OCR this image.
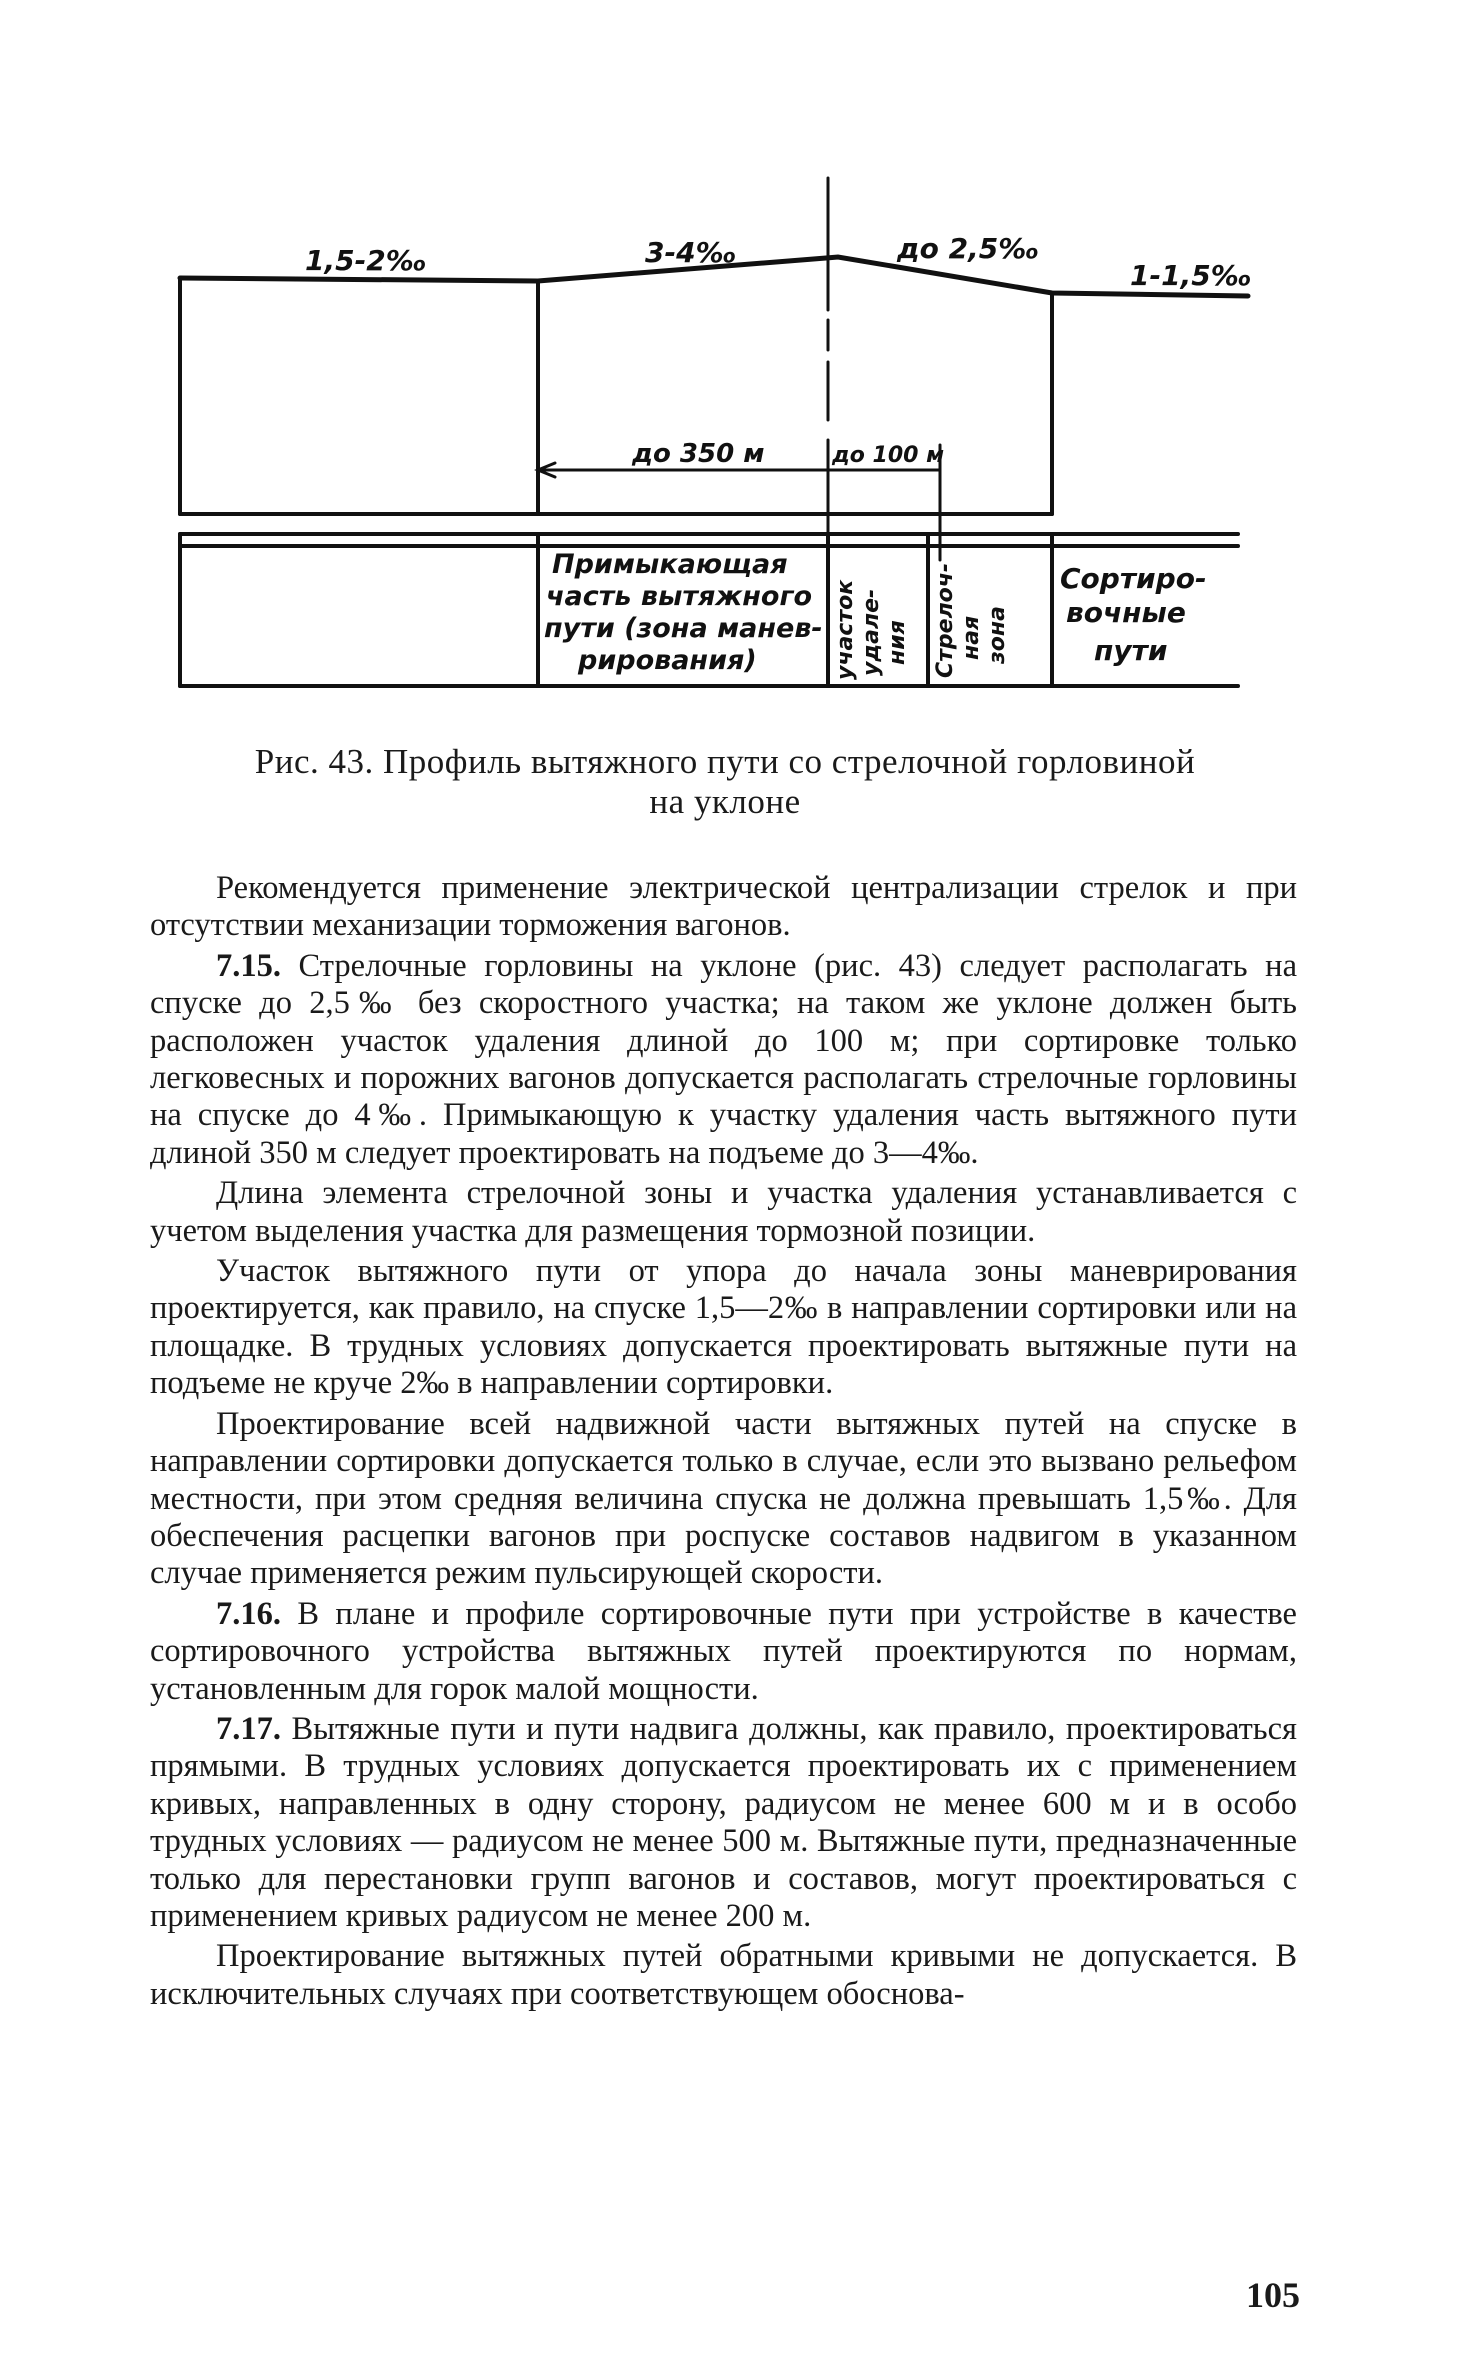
1,5-2‰	3-4‰	до 2,5‰
1-1,5‰
до 350 м	до 100 м
Примыкающая
часть вытяжного
пути (зона манев-
рирования)	участок удале- ния Стрелоч- ная зона
Сортиро-
вочные
пути
Рис. 43. Профиль вытяжного пути со стрелочной горловиной
на уклоне

Рекомендуется применение электрической централизации стрелок и при отсутствии механизации торможения вагонов.

7.15. Стрелочные горловины на уклоне (рис. 43) следует располагать на спуске до 2,5‰ без скоростного участка; на таком же уклоне должен быть расположен участок удаления длиной до 100 м; при сортировке только легковесных и порожних вагонов допускается располагать стрелочные горловины на спуске до 4‰. Примыкающую к участку удаления часть вытяжного пути длиной 350 м следует проектировать на подъеме до 3—4‰.

Длина элемента стрелочной зоны и участка удаления устанавливается с учетом выделения участка для размещения тормозной позиции.

Участок вытяжного пути от упора до начала зоны маневрирования проектируется, как правило, на спуске 1,5—2‰ в направлении сортировки или на площадке. В трудных условиях допускается проектировать вытяжные пути на подъеме не круче 2‰ в направлении сортировки.

Проектирование всей надвижной части вытяжных путей на спуске в направлении сортировки допускается только в случае, если это вызвано рельефом местности, при этом средняя величина спуска не должна превышать 1,5‰. Для обеспечения расцепки вагонов при роспуске составов надвигом в указанном случае применяется режим пульсирующей скорости.

7.16. В плане и профиле сортировочные пути при устройстве в качестве сортировочного устройства вытяжных путей проектируются по нормам, установленным для горок малой мощности.

7.17. Вытяжные пути и пути надвига должны, как правило, проектироваться прямыми. В трудных условиях допускается проектировать их с применением кривых, направленных в одну сторону, радиусом не менее 600 м и в особо трудных условиях — радиусом не менее 500 м. Вытяжные пути, предназначенные только для перестановки групп вагонов и составов, могут проектироваться с применением кривых радиусом не менее 200 м.

Проектирование вытяжных путей обратными кривыми не допускается. В исключительных случаях при соответствующем обоснова-

105
